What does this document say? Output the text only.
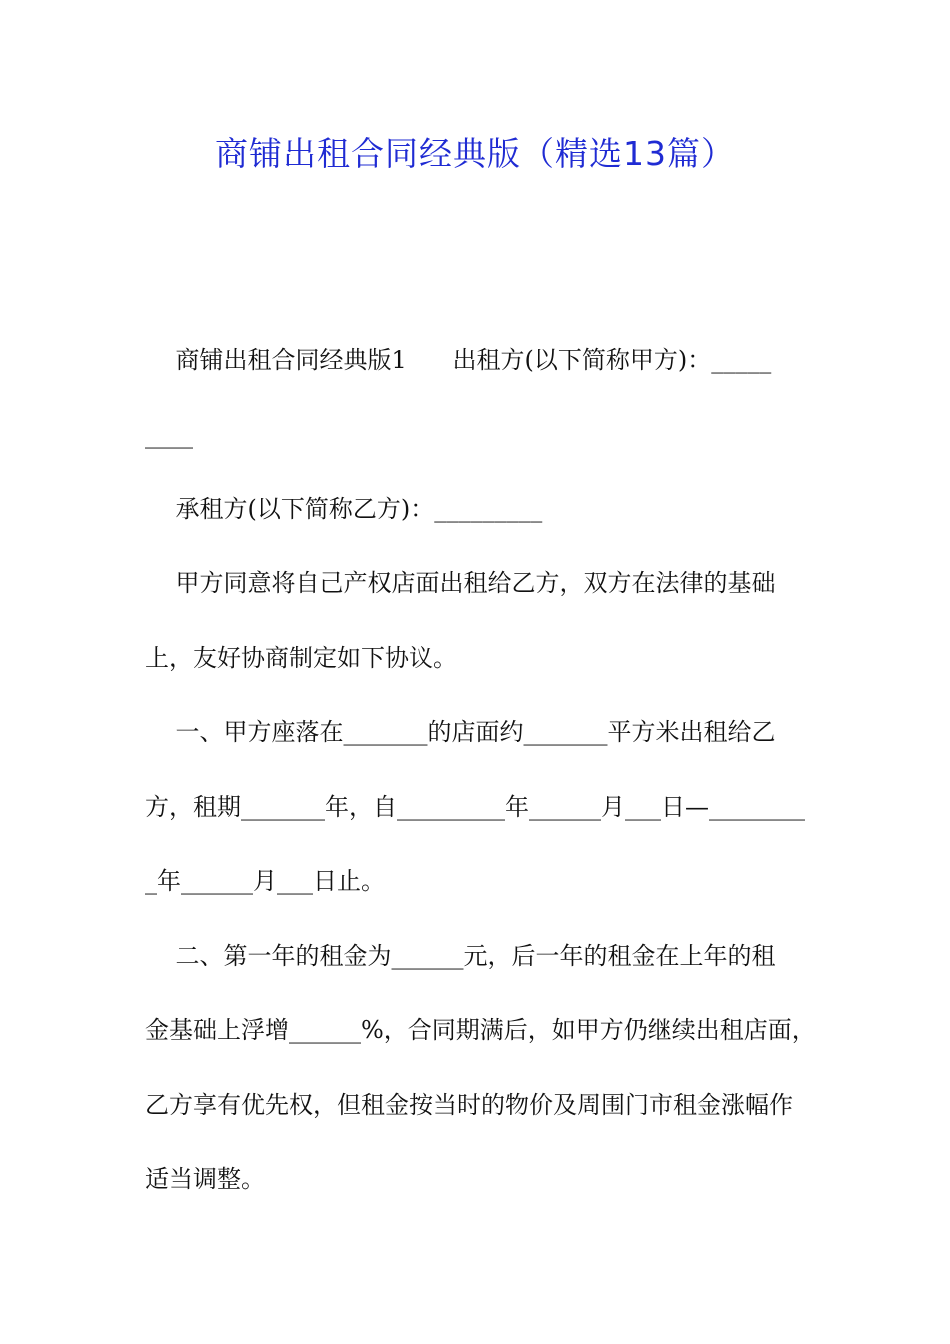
商铺出租合同经典版（精选13篇）
商铺出租合同经典版1      出租方(以下简称甲方)：_____
____
承租方(以下简称乙方)：_________
甲方同意将自己产权店面出租给乙方，双方在法律的基础
上，友好协商制定如下协议。
一、甲方座落在_______的店面约_______平方米出租给乙
方，租期_______年，自_________年______月___日—________
_年______月___日止。
二、第一年的租金为______元，后一年的租金在上年的租
金基础上浮增______%，合同期满后，如甲方仍继续出租店面，
乙方享有优先权，但租金按当时的物价及周围门市租金涨幅作
适当调整。
